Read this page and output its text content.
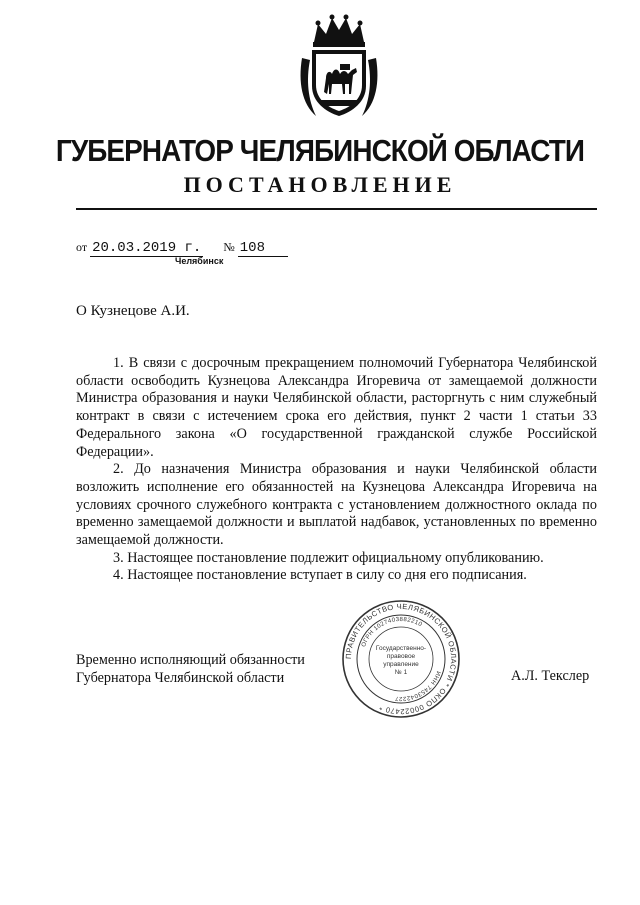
ГУБЕРНАТОР ЧЕЛЯБИНСКОЙ ОБЛАСТИ
ПОСТАНОВЛЕНИЕ
от 20.03.2019 г. № 108
Челябинск
О Кузнецове А.И.

1. В связи с досрочным прекращением полномочий Губернатора Челябинской области освободить Кузнецова Александра Игоревича от замещаемой должности Министра образования и науки Челябинской области, расторгнуть с ним служебный контракт в связи с истечением срока его действия, пункт 2 части 1 статьи 33 Федерального закона «О государственной гражданской службе Российской Федерации».

2. До назначения Министра образования и науки Челябинской области возложить исполнение его обязанностей на Кузнецова Александра Игоревича на условиях срочного служебного контракта с установлением должностного оклада по временно замещаемой должности и выплатой надбавок, установленных по временно замещаемой должности.

3. Настоящее постановление подлежит официальному опубликованию.

4. Настоящее постановление вступает в силу со дня его подписания.

Временно исполняющий обязанности
Губернатора Челябинской области
ПРАВИТЕЛЬСТВО ЧЕЛЯБИНСКОЙ ОБЛАСТИ * ОКПО 00022470 *
ОГРН 1027403882210
ИНН 7453042227
Государственно-
правовое
управление
№ 1	А.Л. Текслер
